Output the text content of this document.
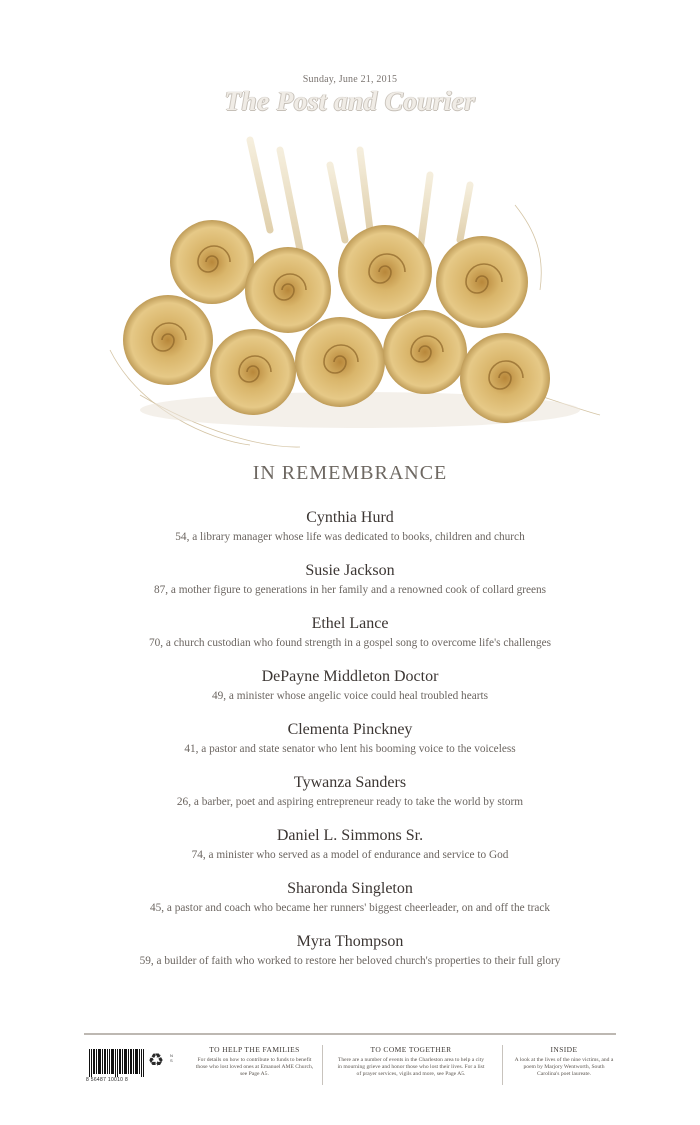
Sunday, June 21, 2015
The Post and Courier
IN REMEMBRANCE
Cynthia Hurd
54, a library manager whose life was dedicated to books, children and church
Susie Jackson
87, a mother figure to generations in her family and a renowned cook of collard greens
Ethel Lance
70, a church custodian who found strength in a gospel song to overcome life's challenges
DePayne Middleton Doctor
49, a minister whose angelic voice could heal troubled hearts
Clementa Pinckney
41, a pastor and state senator who lent his booming voice to the voiceless
Tywanza Sanders
26, a barber, poet and aspiring entrepreneur ready to take the world by storm
Daniel L. Simmons Sr.
74, a minister who served as a model of endurance and service to God
Sharonda Singleton
45, a pastor and coach who became her runners' biggest cheerleader, on and off the track
Myra Thompson
59, a builder of faith who worked to restore her beloved church's properties to their full glory
8 56487 10010 8
♻ N
S
TO HELP THE FAMILIES
For details on how to contribute to funds to benefit those who lost loved ones at Emanuel AME Church, see Page A5.
TO COME TOGETHER
There are a number of events in the Charleston area to help a city in mourning grieve and honor those who lost their lives. For a list of prayer services, vigils and more, see Page A5.
INSIDE
A look at the lives of the nine victims, and a poem by Marjory Wentworth, South Carolina's poet laureate.
